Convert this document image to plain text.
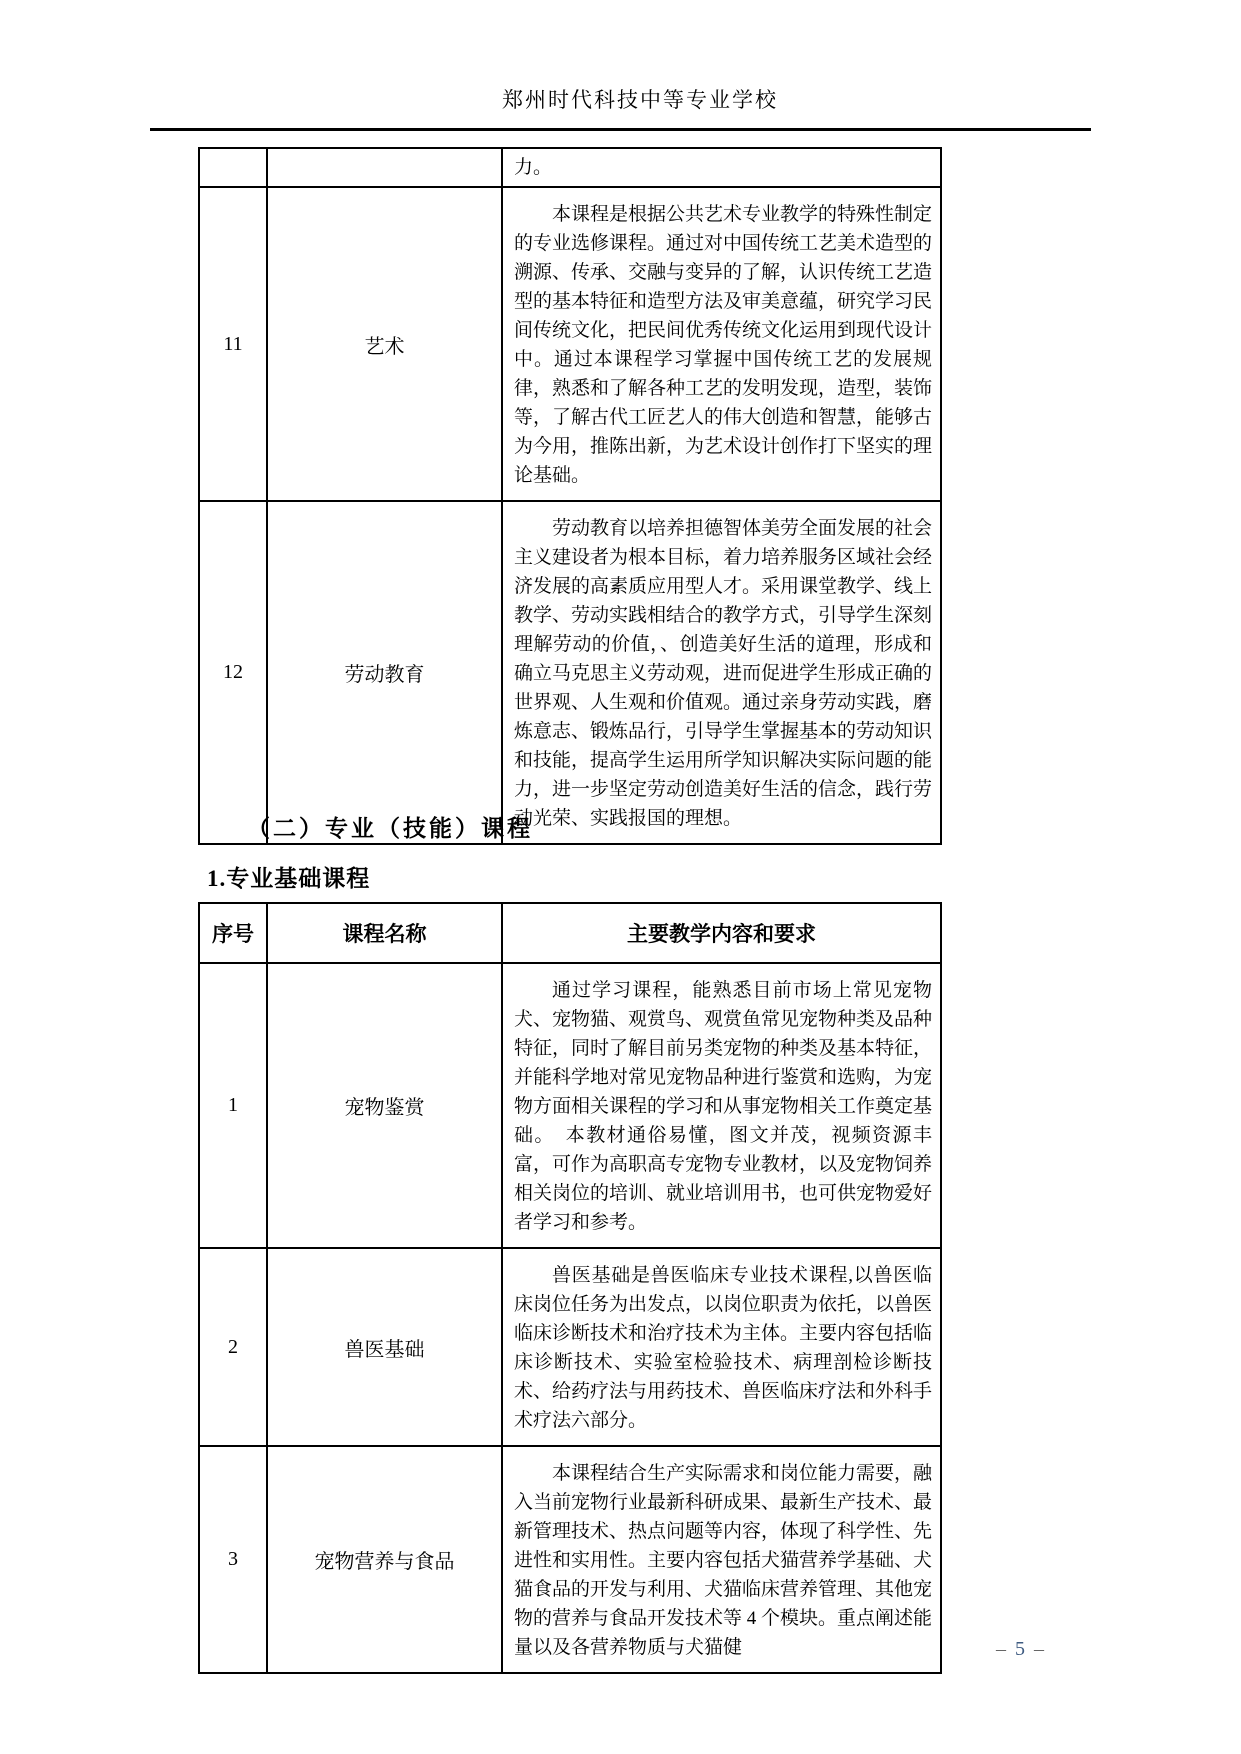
郑州时代科技中等专业学校

		力。

11	艺术	本课程是根据公共艺术专业教学的特殊性制定的专业选修课程。通过对中国传统工艺美术造型的溯源、传承、交融与变异的了解，认识传统工艺造型的基本特征和造型方法及审美意蕴，研究学习民间传统文化，把民间优秀传统文化运用到现代设计中。通过本课程学习掌握中国传统工艺的发展规律，熟悉和了解各种工艺的发明发现，造型，装饰等，了解古代工匠艺人的伟大创造和智慧，能够古为今用，推陈出新，为艺术设计创作打下坚实的理论基础。

12	劳动教育	劳动教育以培养担德智体美劳全面发展的社会主义建设者为根本目标，着力培养服务区域社会经济发展的高素质应用型人才。采用课堂教学、线上教学、劳动实践相结合的教学方式，引导学生深刻理解劳动的价值，、创造美好生活的道理，形成和确立马克思主义劳动观，进而促进学生形成正确的世界观、人生观和价值观。通过亲身劳动实践，磨炼意志、锻炼品行，引导学生掌握基本的劳动知识和技能，提高学生运用所学知识解决实际问题的能力，进一步坚定劳动创造美好生活的信念，践行劳动光荣、实践报国的理想。

（二）专业（技能）课程
1.专业基础课程
序号	课程名称	主要教学内容和要求
1	宠物鉴赏	通过学习课程，能熟悉目前市场上常见宠物犬、宠物猫、观赏鸟、观赏鱼常见宠物种类及品种特征，同时了解目前另类宠物的种类及基本特征，并能科学地对常见宠物品种进行鉴赏和选购，为宠物方面相关课程的学习和从事宠物相关工作奠定基础。　本教材通俗易懂，图文并茂，视频资源丰富，可作为高职高专宠物专业教材，以及宠物饲养相关岗位的培训、就业培训用书，也可供宠物爱好者学习和参考。

2	兽医基础	兽医基础是兽医临床专业技术课程,以兽医临床岗位任务为出发点，以岗位职责为依托，以兽医临床诊断技术和治疗技术为主体。主要内容包括临床诊断技术、实验室检验技术、病理剖检诊断技术、给药疗法与用药技术、兽医临床疗法和外科手术疗法六部分。

3	宠物营养与食品	本课程结合生产实际需求和岗位能力需要，融入当前宠物行业最新科研成果、最新生产技术、最新管理技术、热点问题等内容，体现了科学性、先进性和实用性。主要内容包括犬猫营养学基础、犬猫食品的开发与利用、犬猫临床营养管理、其他宠物的营养与食品开发技术等 4 个模块。重点阐述能量以及各营养物质与犬猫健	– 5 –
